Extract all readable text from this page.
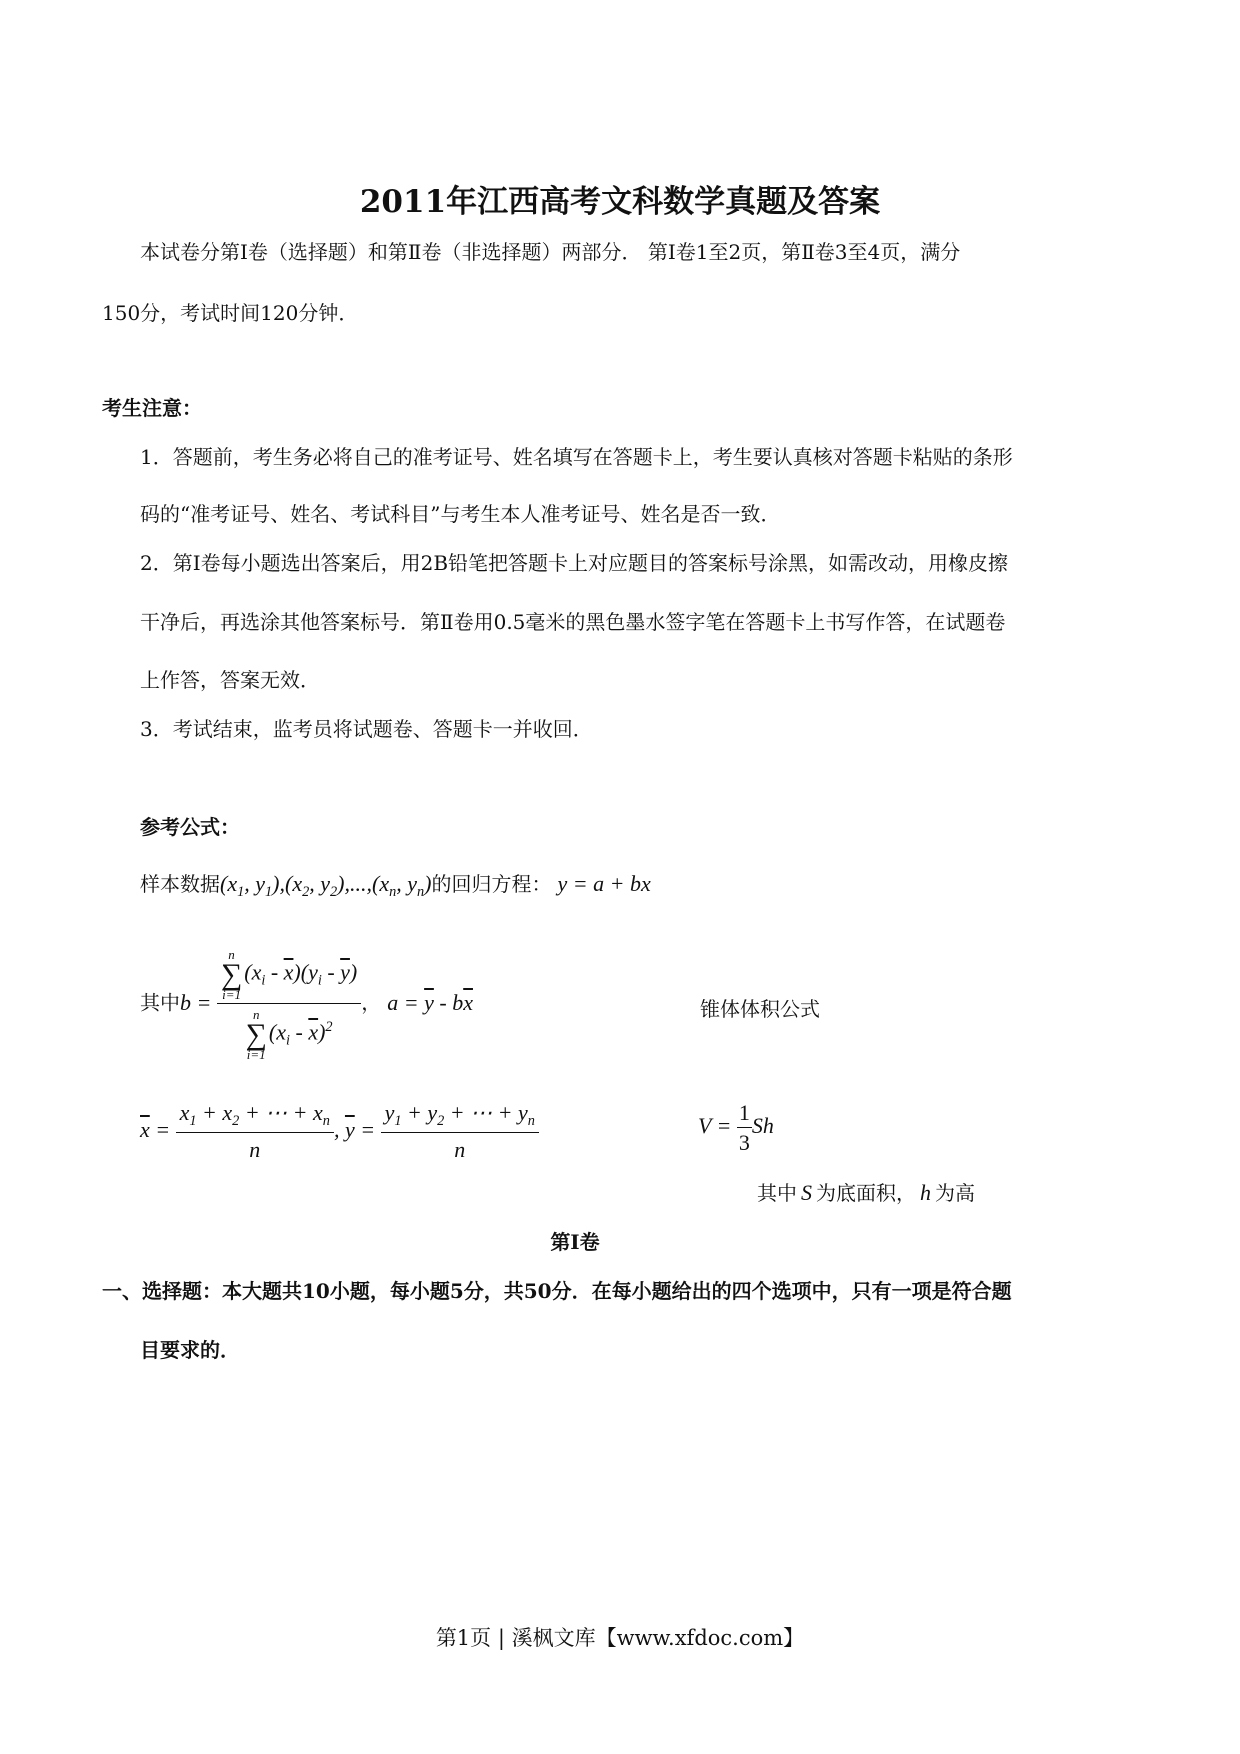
2011年江西高考文科数学真题及答案
本试卷分第Ⅰ卷（选择题）和第Ⅱ卷（非选择题）两部分． 第Ⅰ卷1至2页，第Ⅱ卷3至4页，满分
150分，考试时间120分钟．
考生注意：
1．答题前，考生务必将自己的准考证号、姓名填写在答题卡上，考生要认真核对答题卡粘贴的条形
码的“准考证号、姓名、考试科目”与考生本人准考证号、姓名是否一致．
2．第Ⅰ卷每小题选出答案后，用2B铅笔把答题卡上对应题目的答案标号涂黑，如需改动，用橡皮擦
干净后，再选涂其他答案标号．第Ⅱ卷用0.5毫米的黑色墨水签字笔在答题卡上书写作答，在试题卷
上作答，答案无效．
3．考试结束，监考员将试题卷、答题卡一并收回．
参考公式：
样本数据($x_1$, $y_1),(x_2$, $y_2),...,(x_n$, $y_n$)的回归方程： y = a + bx
其中b = n
∑
i=1
$(x_i - \overline{x})(y_i - \overline{y})$
n
∑
i=1
$(x_i - \overline{x})^2$ ， $a = \overline{y} - b\overline{x}$	锥体体积公式
$\overline{x} = \frac{x_1 + x_2 + \cdots + x_n}{n}$ , $\overline{y} = \frac{y_1 + y_2 + \cdots + y_n}{n}$	$V = \frac{1}{3}$ Sh
其中 S 为底面积， h 为高
第Ⅰ卷
一、选择题：本大题共10小题，每小题5分，共50分．在每小题给出的四个选项中，只有一项是符合题
目要求的．
第1页 | 溪枫文库【www.xfdoc.com】
